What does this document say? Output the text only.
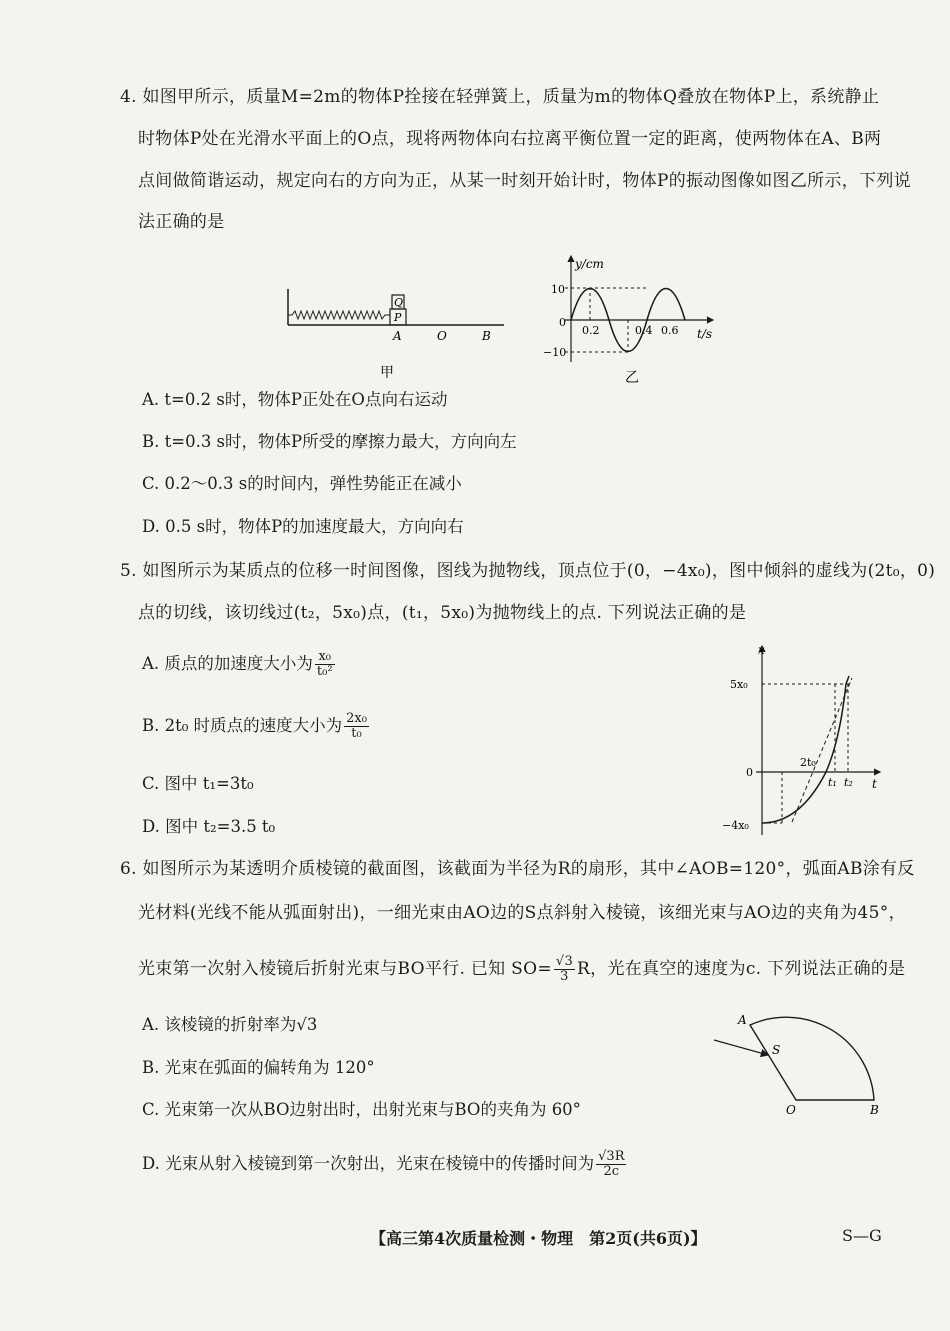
4. 如图甲所示，质量M=2m的物体P拴接在轻弹簧上，质量为m的物体Q叠放在物体P上，系统静止
时物体P处在光滑水平面上的O点，现将两物体向右拉离平衡位置一定的距离，使两物体在A、B两
点间做简谐运动，规定向右的方向为正，从某一时刻开始计时，物体P的振动图像如图乙所示，下列说
法正确的是
Q
P
A	O	B
甲
y/cm
t/s
10
−10
0
0.2	0.4 0.6
乙
A. t=0.2 s时，物体P正处在O点向右运动
B. t=0.3 s时，物体P所受的摩擦力最大，方向向左
C. 0.2～0.3 s的时间内，弹性势能正在减小
D. 0.5 s时，物体P的加速度最大，方向向右
5. 如图所示为某质点的位移一时间图像，图线为抛物线，顶点位于(0，−4x₀)，图中倾斜的虚线为(2t₀，0)
点的切线，该切线过(t₂，5x₀)点，(t₁，5x₀)为抛物线上的点. 下列说法正确的是
A. 质点的加速度大小为 $\frac{\text{x₀}}{\text{t₀²}}$
B. 2t₀ 时质点的速度大小为 $\frac{\text{2x₀}}{\text{t₀}}$
C. 图中 t₁=3t₀
D. 图中 t₂=3.5 t₀
x
t
0
5x₀
−4x₀
2t₀
t₁ t₂
6. 如图所示为某透明介质棱镜的截面图，该截面为半径为R的扇形，其中∠AOB=120°，弧面AB涂有反
光材料(光线不能从弧面射出)，一细光束由AO边的S点斜射入棱镜，该细光束与AO边的夹角为45°，
光束第一次射入棱镜后折射光束与BO平行. 已知 $SO= \frac{√3}{3}$ R，光在真空的速度为c. 下列说法正确的是
A. 该棱镜的折射率为√3
B. 光束在弧面的偏转角为 120°
C. 光束第一次从BO边射出时，出射光束与BO的夹角为 60°
D. 光束从射入棱镜到第一次射出，光束在棱镜中的传播时间为 $\frac{√3R}{2c}$
A
S
O	B
【高三第4次质量检测・物理　第2页(共6页)】	S—G
